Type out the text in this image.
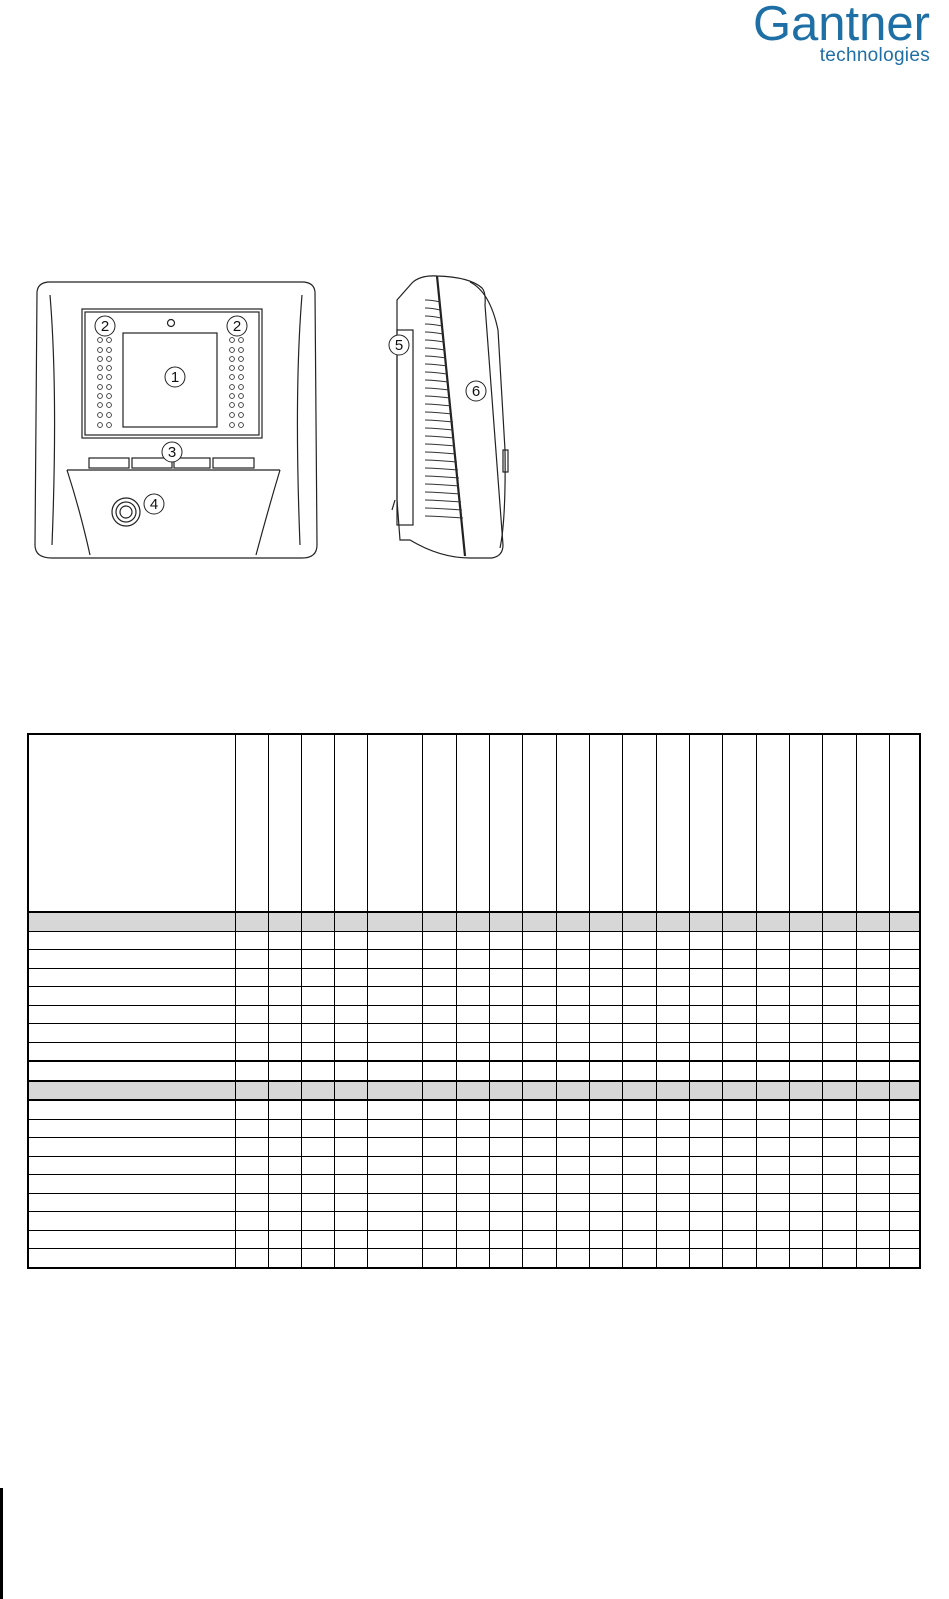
Gantner
technologies
2	2
1
3
4
5
6
